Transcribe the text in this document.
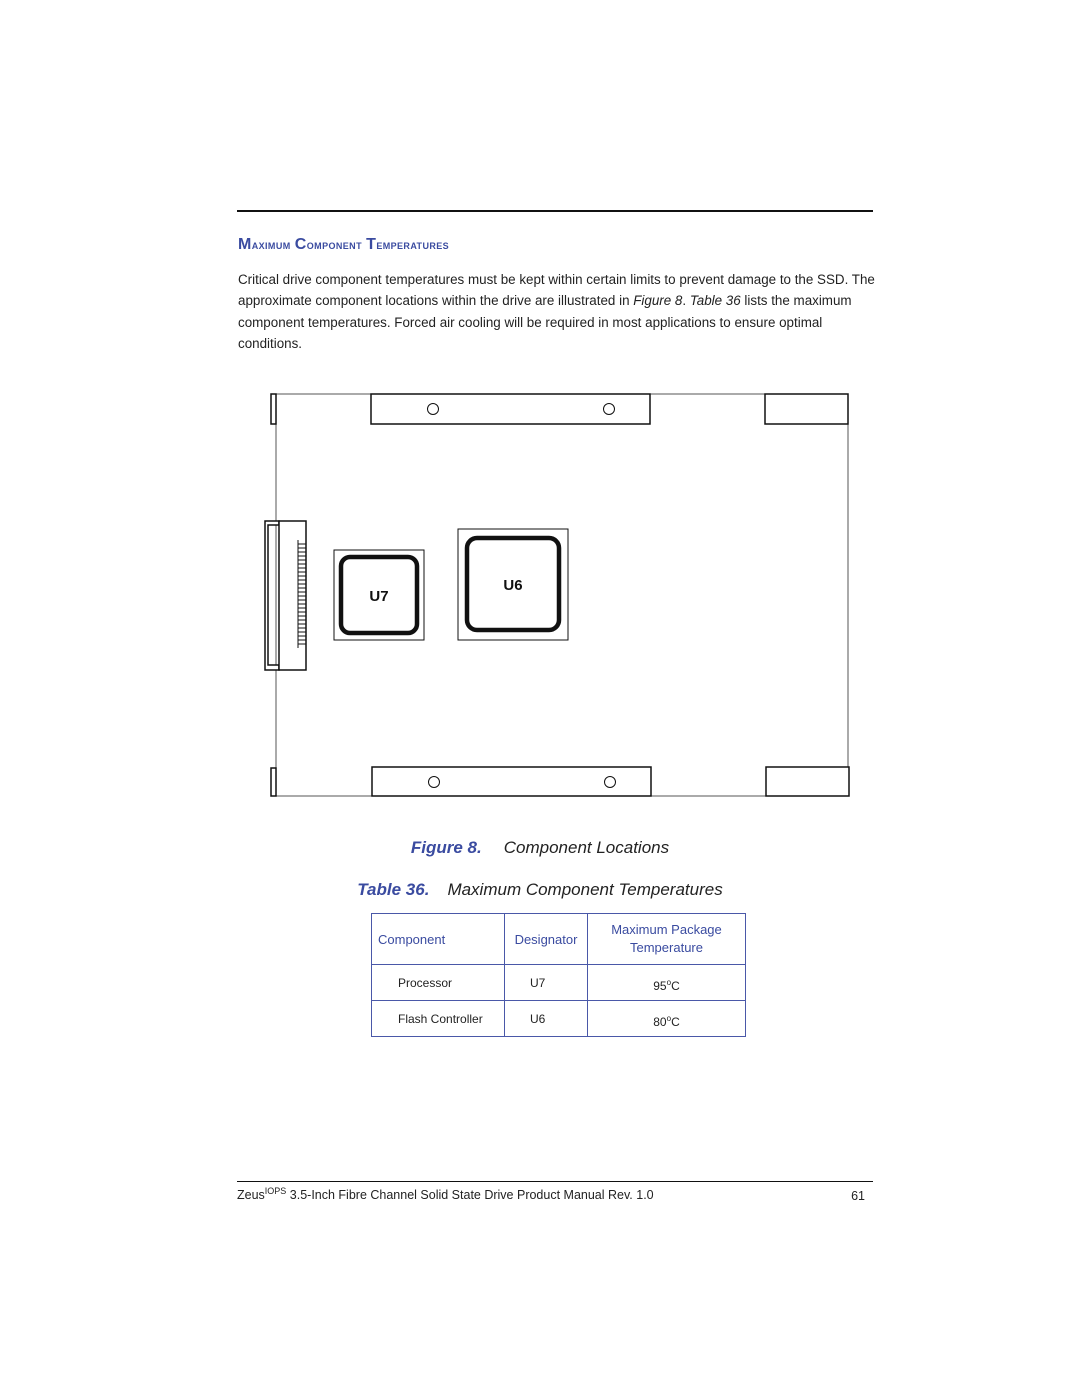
Maximum Component Temperatures
Critical drive component temperatures must be kept within certain limits to prevent damage to the SSD. The approximate component locations within the drive are illustrated in Figure 8. Table 36 lists the maximum component temperatures. Forced air cooling will be required in most applications to ensure optimal conditions.
U7
U6
Figure 8. Component Locations
Table 36. Maximum Component Temperatures
Component	Designator	Maximum Package
Temperature
Processor	U7	95$^o$C
Flash Controller	U6	80$^o$C
Zeus$^{IOPS}$ 3.5-Inch Fibre Channel Solid State Drive Product Manual Rev. 1.0	61
